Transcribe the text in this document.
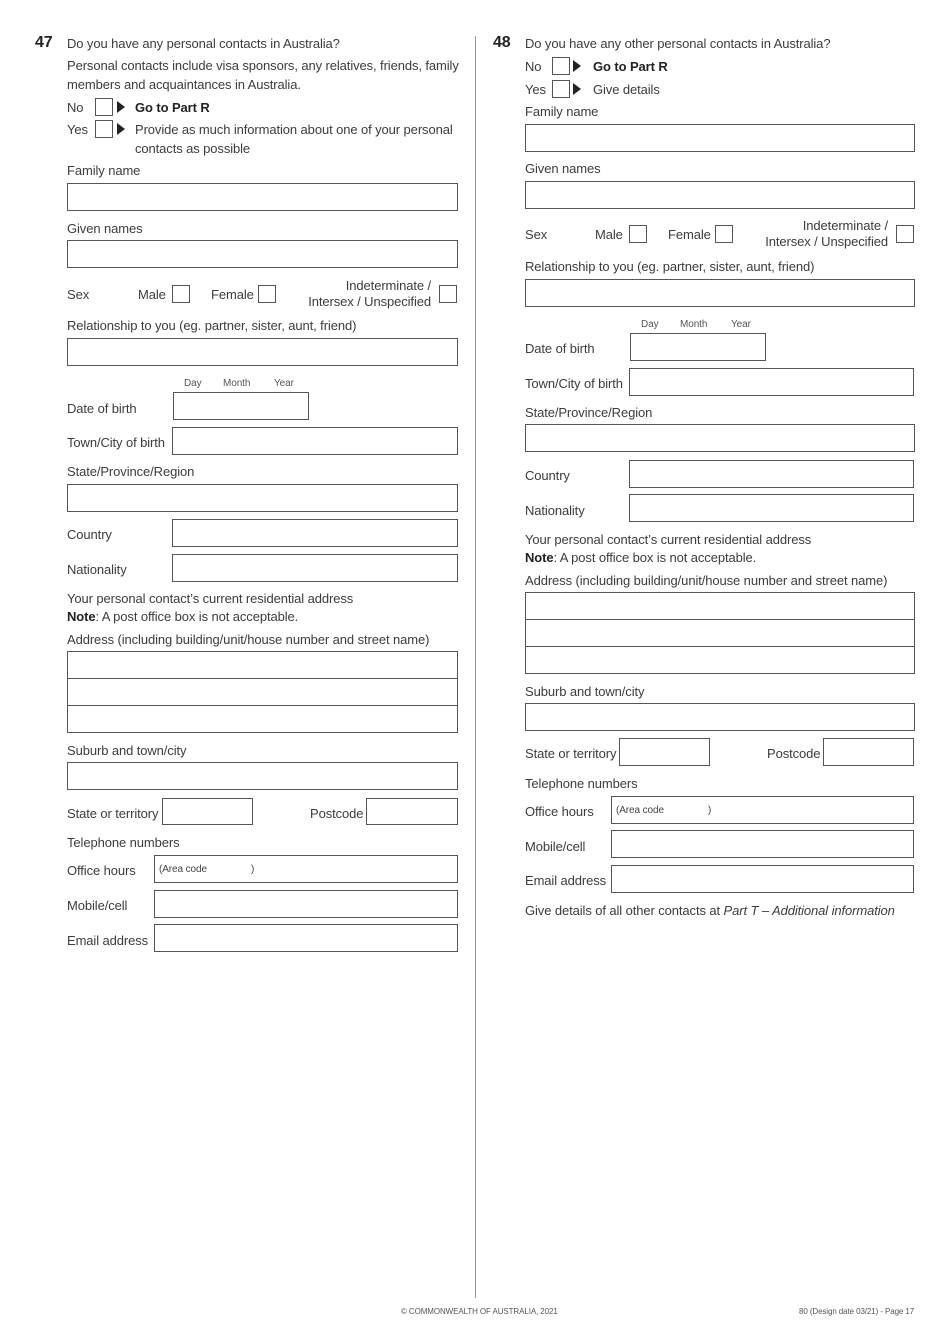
47 Do you have any personal contacts in Australia?
Personal contacts include visa sponsors, any relatives, friends, family
members and acquaintances in Australia.
No	Go to Part R
Yes	Provide as much information about one of your personal
contacts as possible
Family name
Given names
Sex	Male	Female
Indeterminate /
Intersex / Unspecified
Relationship to you (eg. partner, sister, aunt, friend)
Day Month Year
Date of birth
Town/City of birth
State/Province/Region
Country
Nationality
Your personal contact’s current residential address
Note: A post office box is not acceptable.
Address (including building/unit/house number and street name)
Suburb and town/city
State or territory	Postcode
Telephone numbers
Office hours (Area code	)
Mobile/cell
Email address
48 Do you have any other personal contacts in Australia?
No	Go to Part R
Yes	Give details
Family name
Given names
Sex	Male	Female
Indeterminate /
Intersex / Unspecified
Relationship to you (eg. partner, sister, aunt, friend)
Day Month Year
Date of birth
Town/City of birth
State/Province/Region
Country
Nationality
Your personal contact’s current residential address
Note: A post office box is not acceptable.
Address (including building/unit/house number and street name)
Suburb and town/city
State or territory	Postcode
Telephone numbers
Office hours (Area code	)
Mobile/cell
Email address
Give details of all other contacts at Part T – Additional information
© COMMONWEALTH OF AUSTRALIA, 2021	80 (Design date 03/21) - Page 17
